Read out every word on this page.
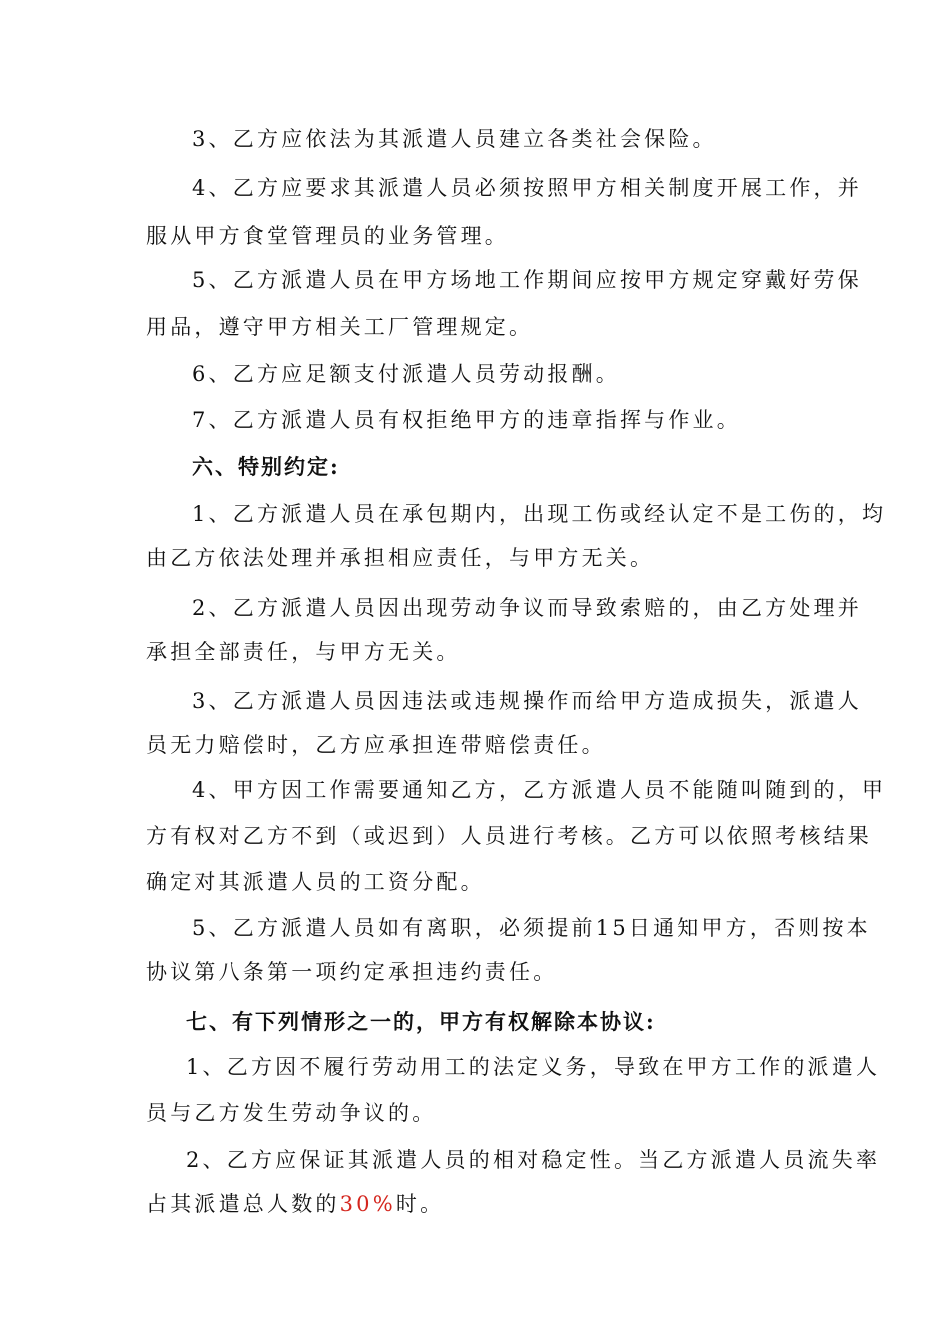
3、乙方应依法为其派遣人员建立各类社会保险。
4、乙方应要求其派遣人员必须按照甲方相关制度开展工作，并
服从甲方食堂管理员的业务管理。
5、乙方派遣人员在甲方场地工作期间应按甲方规定穿戴好劳保
用品，遵守甲方相关工厂管理规定。
6、乙方应足额支付派遣人员劳动报酬。
7、乙方派遣人员有权拒绝甲方的违章指挥与作业。
六、特别约定:
1、乙方派遣人员在承包期内，出现工伤或经认定不是工伤的，均
由乙方依法处理并承担相应责任，与甲方无关。
2、乙方派遣人员因出现劳动争议而导致索赔的，由乙方处理并
承担全部责任，与甲方无关。
3、乙方派遣人员因违法或违规操作而给甲方造成损失，派遣人
员无力赔偿时，乙方应承担连带赔偿责任。
4、甲方因工作需要通知乙方，乙方派遣人员不能随叫随到的，甲
方有权对乙方不到（或迟到）人员进行考核。乙方可以依照考核结果
确定对其派遣人员的工资分配。
5、乙方派遣人员如有离职，必须提前15日通知甲方，否则按本
协议第八条第一项约定承担违约责任。
七、有下列情形之一的，甲方有权解除本协议:
1、乙方因不履行劳动用工的法定义务，导致在甲方工作的派遣人
员与乙方发生劳动争议的。
2、乙方应保证其派遣人员的相对稳定性。当乙方派遣人员流失率
占其派遣总人数的30%时。
